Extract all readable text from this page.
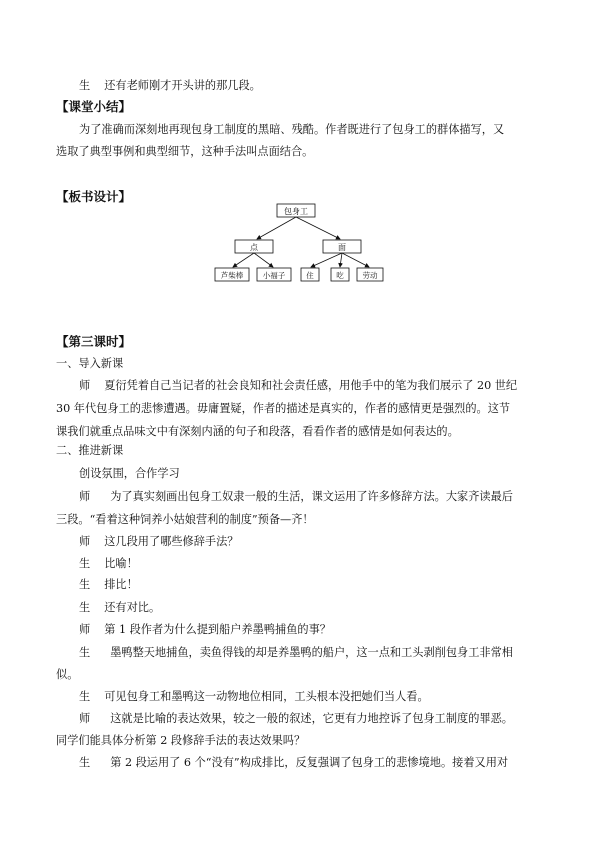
生 还有老师刚才开头讲的那几段。
【课堂小结】
为了准确而深刻地再现包身工制度的黑暗、残酷。作者既进行了包身工的群体描写，又
选取了典型事例和典型细节，这种手法叫点面结合。
【板书设计】
包身工
点	面
芦柴棒	小福子	住	吃	劳动
【第三课时】
一、导入新课
师 夏衍凭着自己当记者的社会良知和社会责任感，用他手中的笔为我们展示了 20 世纪
30 年代包身工的悲惨遭遇。毋庸置疑，作者的描述是真实的，作者的感情更是强烈的。这节
课我们就重点品味文中有深刻内涵的句子和段落，看看作者的感情是如何表达的。
二、推进新课
创设氛围，合作学习
师 为了真实刻画出包身工奴隶一般的生活，课文运用了许多修辞方法。大家齐读最后
三段。“看着这种饲养小姑娘营利的制度”预备—齐！
师 这几段用了哪些修辞手法？
生 比喻！
生 排比！
生 还有对比。
师 第 1 段作者为什么提到船户养墨鸭捕鱼的事？
生 墨鸭整天地捕鱼，卖鱼得钱的却是养墨鸭的船户，这一点和工头剥削包身工非常相
似。
生 可见包身工和墨鸭这一动物地位相同，工头根本没把她们当人看。
师 这就是比喻的表达效果，较之一般的叙述，它更有力地控诉了包身工制度的罪恶。
同学们能具体分析第 2 段修辞手法的表达效果吗？
生 第 2 段运用了 6 个“没有”构成排比，反复强调了包身工的悲惨境地。接着又用对
